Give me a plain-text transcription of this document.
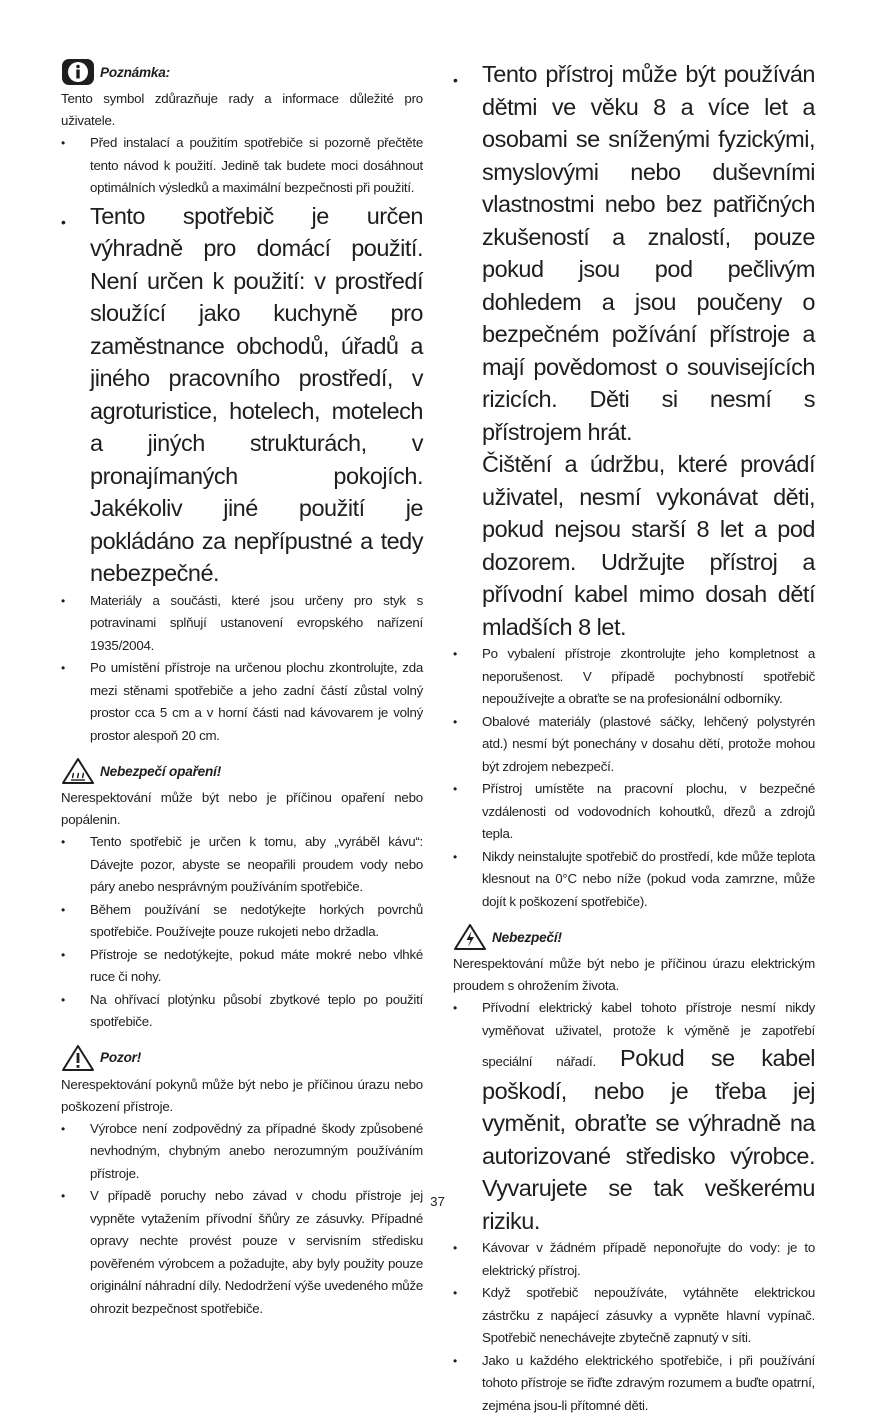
Poznámka:

Tento symbol zdůrazňuje rady a informace důležité pro uživatele.

• Před instalací a použitím spotřebiče si pozorně přečtěte tento návod k použití. Jedině tak budete moci dosáhnout optimálních výsledků a maximální bezpečnosti při použití.
• Tento spotřebič je určen výhradně pro domácí použití. Není určen k použití: v prostředí sloužící jako kuchyně pro zaměstnance obchodů, úřadů a jiného pracovního prostředí, v agroturistice, hotelech, motelech a jiných strukturách, v pronajímaných pokojích. Jakékoliv jiné použití je pokládáno za nepřípustné a tedy nebezpečné.

• Materiály a součásti, které jsou určeny pro styk s potravinami splňují ustanovení evropského nařízení 1935/2004.
• Po umístění přístroje na určenou plochu zkontrolujte, zda mezi stěnami spotřebiče a jeho zadní částí zůstal volný prostor cca 5 cm a v horní části nad kávovarem je volný prostor alespoň 20 cm.
Nebezpečí opaření!

Nerespektování může být nebo je příčinou opaření nebo popálenin.

• Tento spotřebič je určen k tomu, aby „vyráběl kávu“: Dávejte pozor, abyste se neopařili proudem vody nebo páry anebo nesprávným používáním spotřebiče.
• Během používání se nedotýkejte horkých povrchů spotřebiče. Používejte pouze rukojeti nebo držadla.
• Přístroje se nedotýkejte, pokud máte mokré nebo vlhké ruce či nohy.
• Na ohřívací plotýnku působí zbytkové teplo po použití spotřebiče.
Pozor!

Nerespektování pokynů může být nebo je příčinou úrazu nebo poškození přístroje.

• Výrobce není zodpovědný za případné škody způsobené nevhodným, chybným anebo nerozumným používáním přístroje.
• V případě poruchy nebo závad v chodu přístroje jej vypněte vytažením přívodní šňůry ze zásuvky. Případné opravy nechte provést pouze v servisním středisku pověřeném výrobcem a požadujte, aby byly použity pouze originální náhradní díly. Nedodržení výše uvedeného může ohrozit bezpečnost spotřebiče.
• Tento přístroj může být používán dětmi ve věku 8 a více let a osobami se sníženými fyzickými, smyslovými nebo duševními vlastnostmi nebo bez patřičných zkušeností a znalostí, pouze pokud jsou pod pečlivým dohledem a jsou poučeny o bezpečném požívání přístroje a mají povědomost o souvisejících rizicích. Děti si nesmí s přístrojem hrát.

Čištění a údržbu, které provádí uživatel, nesmí vykonávat děti, pokud nejsou starší 8 let a pod dozorem. Udržujte přístroj a přívodní kabel mimo dosah dětí mladších 8 let.

• Po vybalení přístroje zkontrolujte jeho kompletnost a neporušenost. V případě pochybností spotřebič nepoužívejte a obraťte se na profesionální odborníky.
• Obalové materiály (plastové sáčky, lehčený polystyrén atd.) nesmí být ponechány v dosahu dětí, protože mohou být zdrojem nebezpečí.
• Přístroj umístěte na pracovní plochu, v bezpečné vzdálenosti od vodovodních kohoutků, dřezů a zdrojů tepla.
• Nikdy neinstalujte spotřebič do prostředí, kde může teplota klesnout na 0°C nebo níže (pokud voda zamrzne, může dojít k poškození spotřebiče).
Nebezpečí!

Nerespektování může být nebo je příčinou úrazu elektrickým proudem s ohrožením života.

• Přívodní elektrický kabel tohoto přístroje nesmí nikdy vyměňovat uživatel, protože k výměně je zapotřebí speciální nářadí. Pokud se kabel poškodí, nebo je třeba jej vyměnit, obraťte se výhradně na autorizované středisko výrobce. Vyvarujete se tak veškerému riziku.
• Kávovar v žádném případě neponořujte do vody: je to elektrický přístroj.
• Když spotřebič nepoužíváte, vytáhněte elektrickou zástrčku z napájecí zásuvky a vypněte hlavní vypínač. Spotřebič nenechávejte zbytečně zapnutý v síti.
• Jako u každého elektrického spotřebiče, i při používání tohoto přístroje se řiďte zdravým rozumem a buďte opatrní, zejména jsou-li přítomné děti.
37
